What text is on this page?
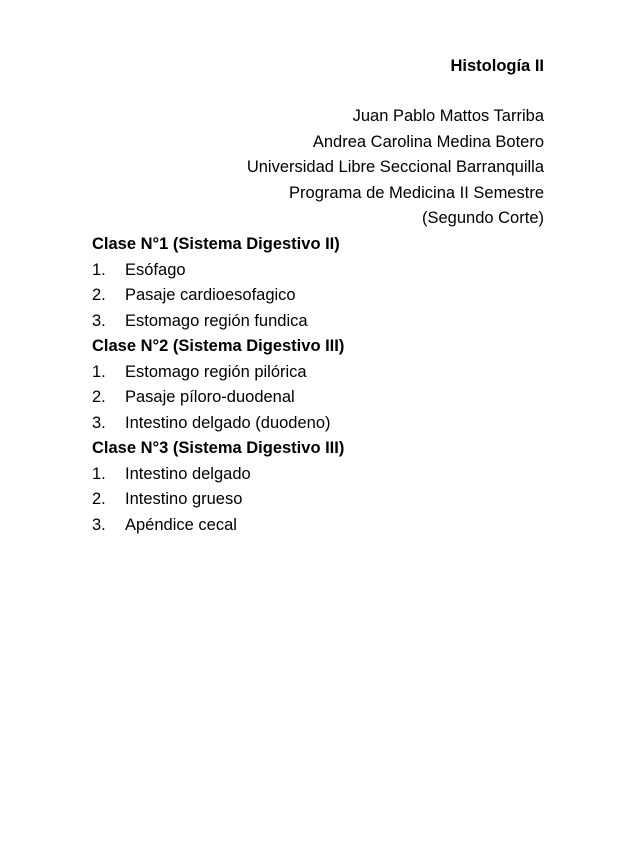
Histología II
Juan Pablo Mattos Tarriba
Andrea Carolina Medina Botero
Universidad Libre Seccional Barranquilla
Programa de Medicina II Semestre
(Segundo Corte)
Clase N°1 (Sistema Digestivo II)
1.	Esófago
2.	Pasaje cardioesofagico
3.	Estomago región fundica
Clase N°2 (Sistema Digestivo III)
1.	Estomago región pilórica
2.	Pasaje píloro-duodenal
3.	Intestino delgado (duodeno)
Clase N°3 (Sistema Digestivo III)
1.	Intestino delgado
2.	Intestino grueso
3.	Apéndice cecal
